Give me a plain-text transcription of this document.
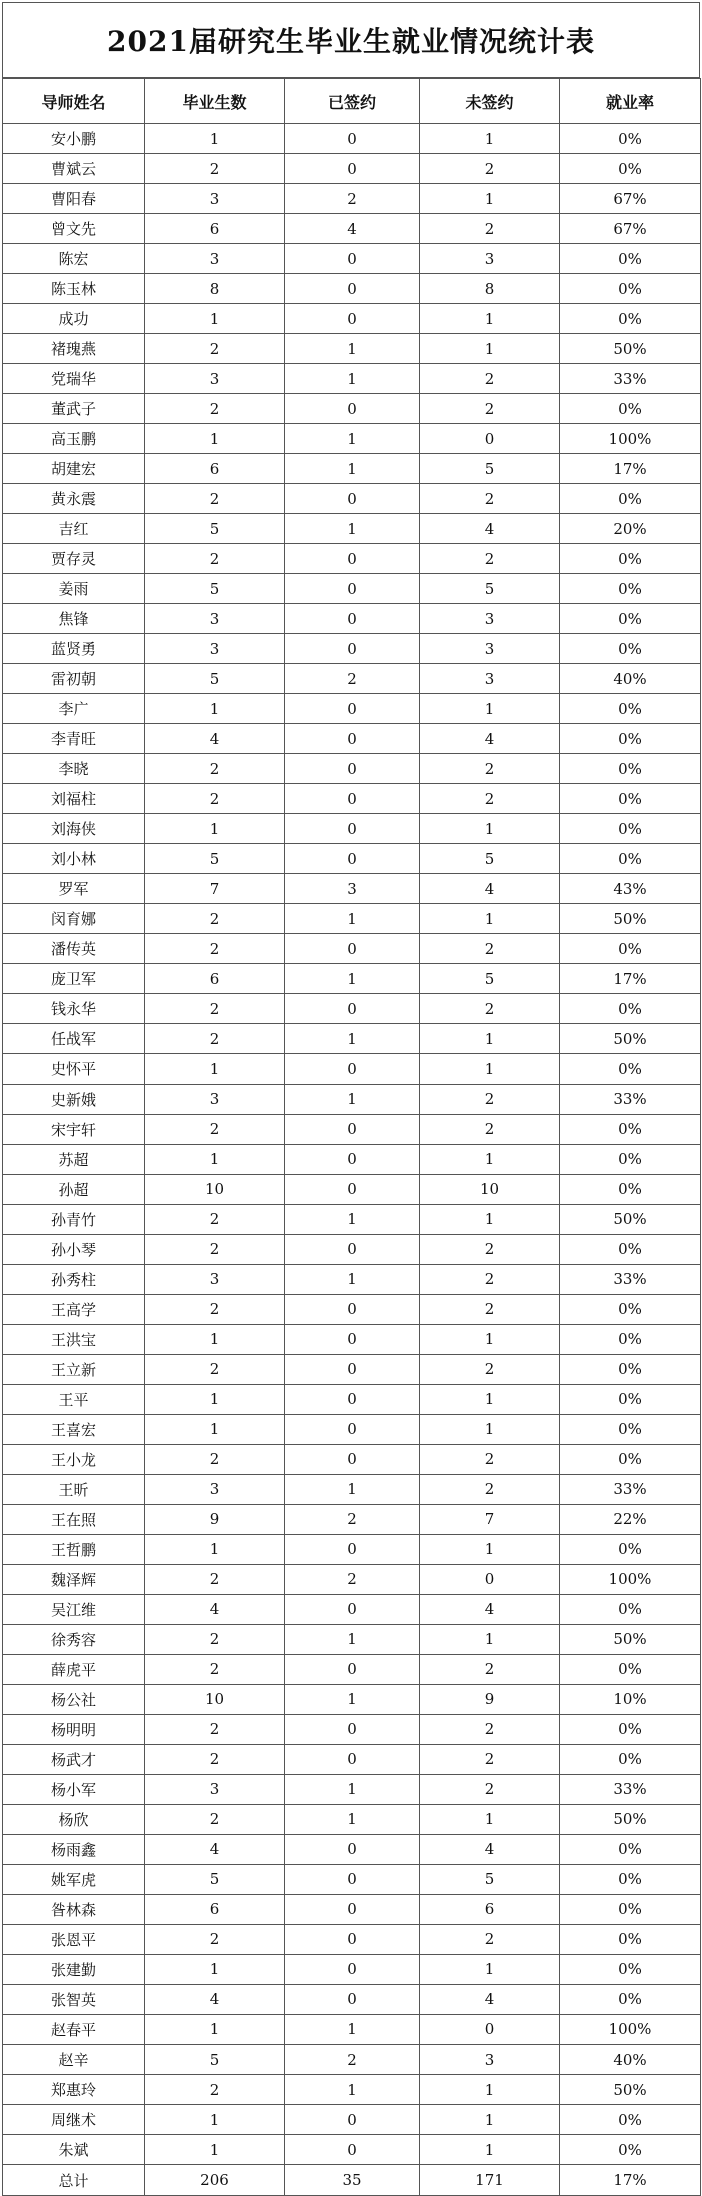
2021届研究生毕业生就业情况统计表
导师姓名	毕业生数	已签约	未签约	就业率
安小鹏	1	0	1	0%
曹斌云	2	0	2	0%
曹阳春	3	2	1	67%
曾文先	6	4	2	67%
陈宏	3	0	3	0%
陈玉林	8	0	8	0%
成功	1	0	1	0%
褚瑰燕	2	1	1	50%
党瑞华	3	1	2	33%
董武子	2	0	2	0%
高玉鹏	1	1	0	100%
胡建宏	6	1	5	17%
黄永震	2	0	2	0%
吉红	5	1	4	20%
贾存灵	2	0	2	0%
姜雨	5	0	5	0%
焦锋	3	0	3	0%
蓝贤勇	3	0	3	0%
雷初朝	5	2	3	40%
李广	1	0	1	0%
李青旺	4	0	4	0%
李晓	2	0	2	0%
刘福柱	2	0	2	0%
刘海侠	1	0	1	0%
刘小林	5	0	5	0%
罗军	7	3	4	43%
闵育娜	2	1	1	50%
潘传英	2	0	2	0%
庞卫军	6	1	5	17%
钱永华	2	0	2	0%
任战军	2	1	1	50%
史怀平	1	0	1	0%
史新娥	3	1	2	33%
宋宇轩	2	0	2	0%
苏超	1	0	1	0%
孙超	10	0	10	0%
孙青竹	2	1	1	50%
孙小琴	2	0	2	0%
孙秀柱	3	1	2	33%
王高学	2	0	2	0%
王洪宝	1	0	1	0%
王立新	2	0	2	0%
王平	1	0	1	0%
王喜宏	1	0	1	0%
王小龙	2	0	2	0%
王昕	3	1	2	33%
王在照	9	2	7	22%
王哲鹏	1	0	1	0%
魏泽辉	2	2	0	100%
吴江维	4	0	4	0%
徐秀容	2	1	1	50%
薛虎平	2	0	2	0%
杨公社	10	1	9	10%
杨明明	2	0	2	0%
杨武才	2	0	2	0%
杨小军	3	1	2	33%
杨欣	2	1	1	50%
杨雨鑫	4	0	4	0%
姚军虎	5	0	5	0%
昝林森	6	0	6	0%
张恩平	2	0	2	0%
张建勤	1	0	1	0%
张智英	4	0	4	0%
赵春平	1	1	0	100%
赵辛	5	2	3	40%
郑惠玲	2	1	1	50%
周继术	1	0	1	0%
朱斌	1	0	1	0%
总计	206	35	171	17%
